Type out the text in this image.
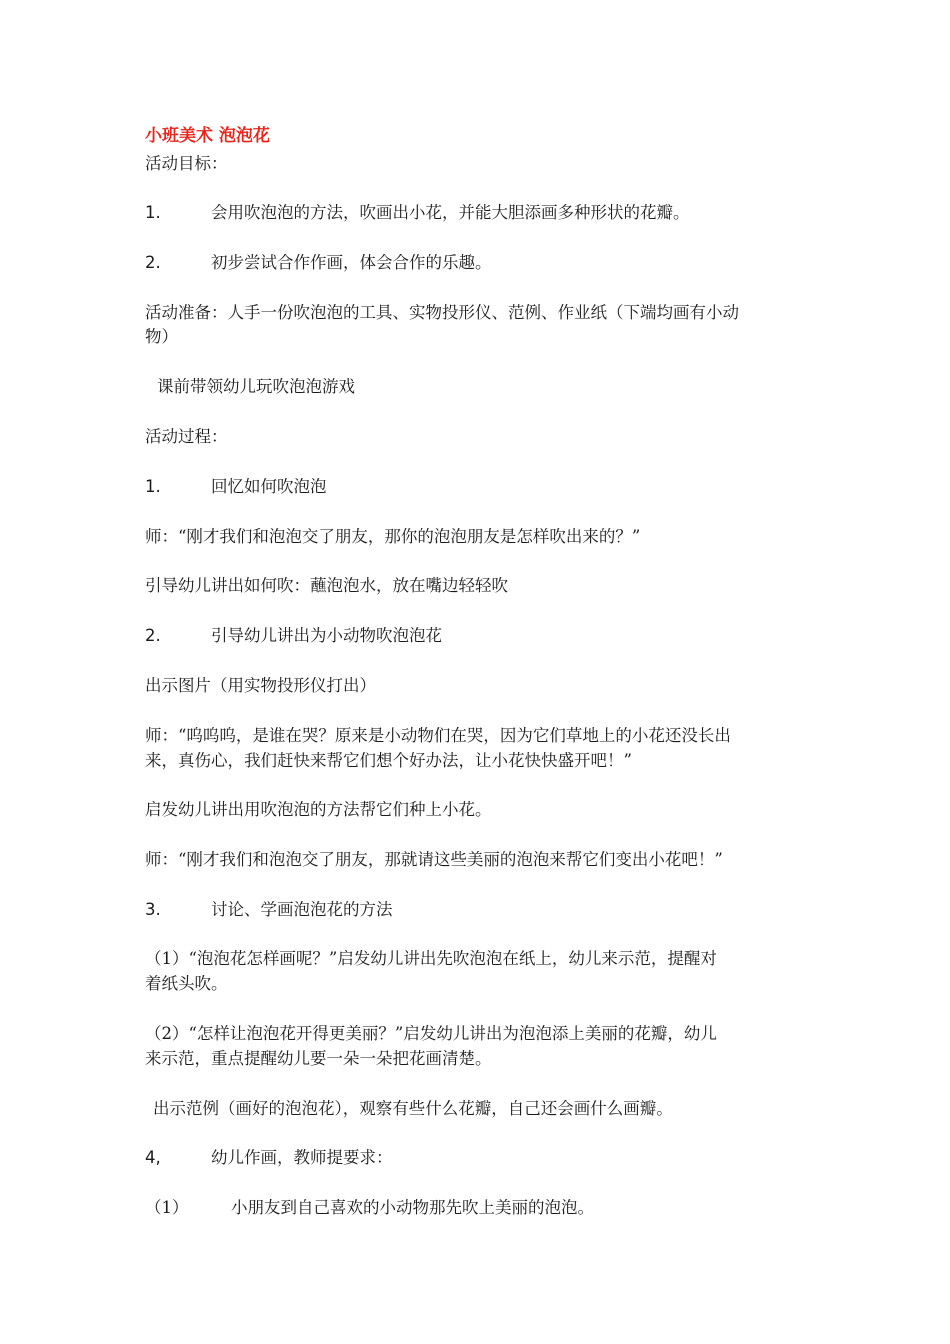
小班美术 泡泡花
活动目标：
1.	会用吹泡泡的方法，吹画出小花，并能大胆添画多种形状的花瓣。
2.	初步尝试合作作画，体会合作的乐趣。
活动准备：人手一份吹泡泡的工具、实物投形仪、范例、作业纸（下端均画有小动
物）
课前带领幼儿玩吹泡泡游戏
活动过程：
1.	回忆如何吹泡泡
师：“刚才我们和泡泡交了朋友，那你的泡泡朋友是怎样吹出来的？”
引导幼儿讲出如何吹：蘸泡泡水，放在嘴边轻轻吹
2.	引导幼儿讲出为小动物吹泡泡花
出示图片（用实物投形仪打出）
师：“呜呜呜，是谁在哭？原来是小动物们在哭，因为它们草地上的小花还没长出
来，真伤心，我们赶快来帮它们想个好办法，让小花快快盛开吧！”
启发幼儿讲出用吹泡泡的方法帮它们种上小花。
师：“刚才我们和泡泡交了朋友，那就请这些美丽的泡泡来帮它们变出小花吧！”
3.	讨论、学画泡泡花的方法
（1）“泡泡花怎样画呢？”启发幼儿讲出先吹泡泡在纸上，幼儿来示范，提醒对
着纸头吹。
（2）“怎样让泡泡花开得更美丽？”启发幼儿讲出为泡泡添上美丽的花瓣，幼儿
来示范，重点提醒幼儿要一朵一朵把花画清楚。
出示范例（画好的泡泡花），观察有些什么花瓣，自己还会画什么画瓣。
4,	幼儿作画，教师提要求：
（1）	小朋友到自己喜欢的小动物那先吹上美丽的泡泡。
